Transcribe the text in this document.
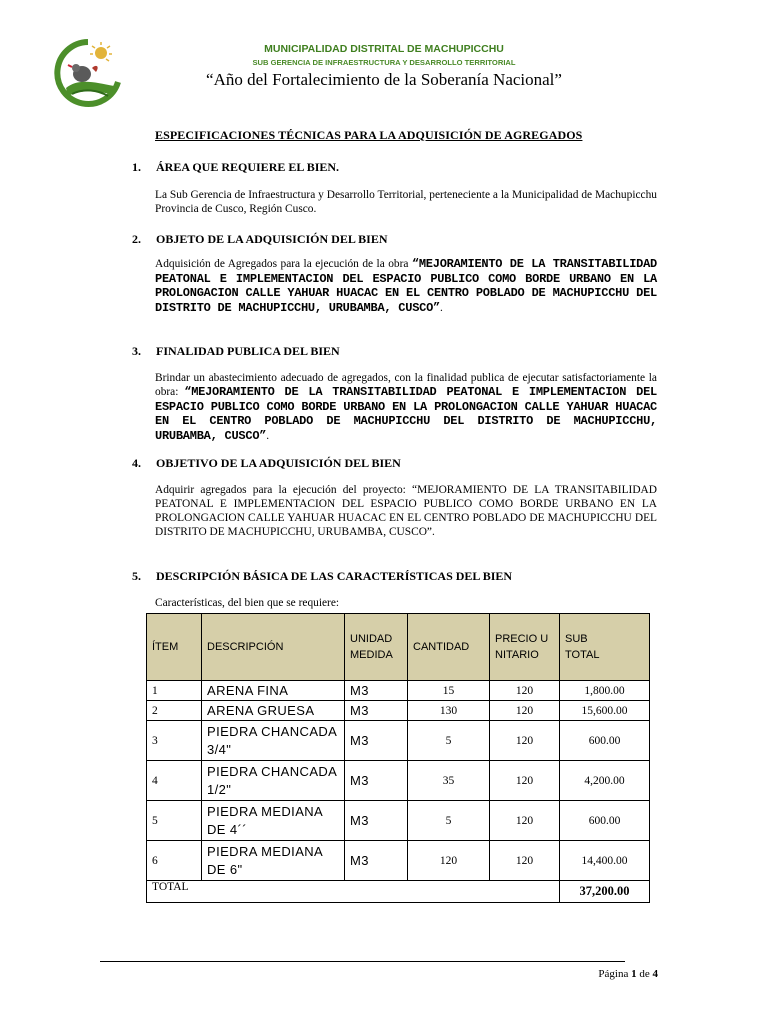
MUNICIPALIDAD DISTRITAL DE MACHUPICCHU
SUB GERENCIA DE INFRAESTRUCTURA Y DESARROLLO TERRITORIAL
“Año del Fortalecimiento de la Soberanía Nacional”
ESPECIFICACIONES TÉCNICAS PARA LA ADQUISICIÓN DE AGREGADOS
1. ÁREA QUE REQUIERE EL BIEN.
La Sub Gerencia de Infraestructura y Desarrollo Territorial, perteneciente a la Municipalidad de Machupicchu Provincia de Cusco, Región Cusco.
2. OBJETO DE LA ADQUISICIÓN DEL BIEN
Adquisición de Agregados para la ejecución de la obra “MEJORAMIENTO DE LA TRANSITABILIDAD PEATONAL E IMPLEMENTACION DEL ESPACIO PUBLICO COMO BORDE URBANO EN LA PROLONGACION CALLE YAHUAR HUACAC EN EL CENTRO POBLADO DE MACHUPICCHU DEL DISTRITO DE MACHUPICCHU, URUBAMBA, CUSCO”.
3. FINALIDAD PUBLICA DEL BIEN
Brindar un abastecimiento adecuado de agregados, con la finalidad publica de ejecutar satisfactoriamente la obra: “MEJORAMIENTO DE LA TRANSITABILIDAD PEATONAL E IMPLEMENTACION DEL ESPACIO PUBLICO COMO BORDE URBANO EN LA PROLONGACION CALLE YAHUAR HUACAC EN EL CENTRO POBLADO DE MACHUPICCHU DEL DISTRITO DE MACHUPICCHU, URUBAMBA, CUSCO”.
4. OBJETIVO DE LA ADQUISICIÓN DEL BIEN
Adquirir agregados para la ejecución del proyecto: “MEJORAMIENTO DE LA TRANSITABILIDAD PEATONAL E IMPLEMENTACION DEL ESPACIO PUBLICO COMO BORDE URBANO EN LA PROLONGACION CALLE YAHUAR HUACAC EN EL CENTRO POBLADO DE MACHUPICCHU DEL DISTRITO DE MACHUPICCHU, URUBAMBA, CUSCO”.
5. DESCRIPCIÓN BÁSICA DE LAS CARACTERÍSTICAS DEL BIEN
Características, del bien que se requiere:
ÍTEM	DESCRIPCIÓN	UNIDAD MEDIDA	CANTIDAD	PRECIO UNITARIO	SUB TOTAL
1	ARENA FINA	M3	15	120	1,800.00
2	ARENA GRUESA	M3	130	120	15,600.00
3	PIEDRA CHANCADA 3/4"	M3	5	120	600.00
4	PIEDRA CHANCADA 1/2"	M3	35	120	4,200.00
5	PIEDRA MEDIANA DE 4´´	M3	5	120	600.00
6	PIEDRA MEDIANA DE 6"	M3	120	120	14,400.00
TOTAL					37,200.00
Página 1 de 4
